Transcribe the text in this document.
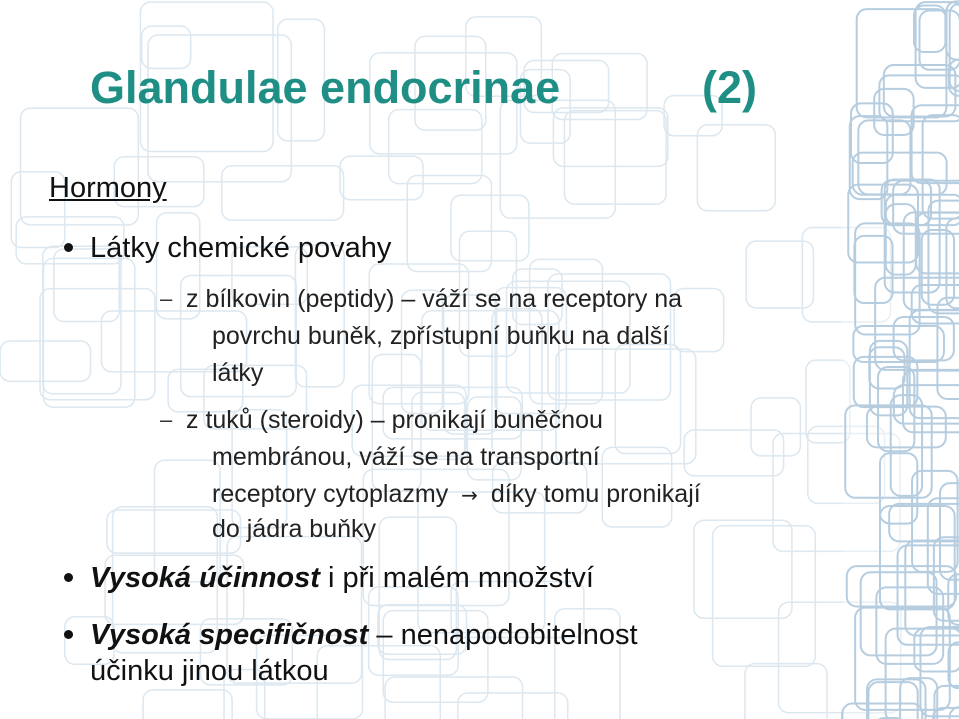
Glandulae endocrinae	(2)
Hormony
Látky chemické povahy
– z bílkovin (peptidy) – váží se na receptory na
povrchu buněk, zpřístupní buňku na další
látky
– z tuků (steroidy) – pronikají buněčnou
membránou, váží se na transportní
receptory cytoplazmy → díky tomu pronikají
do jádra buňky
Vysoká účinnost i při malém množství
Vysoká specifičnost – nenapodobitelnost
účinku jinou látkou
